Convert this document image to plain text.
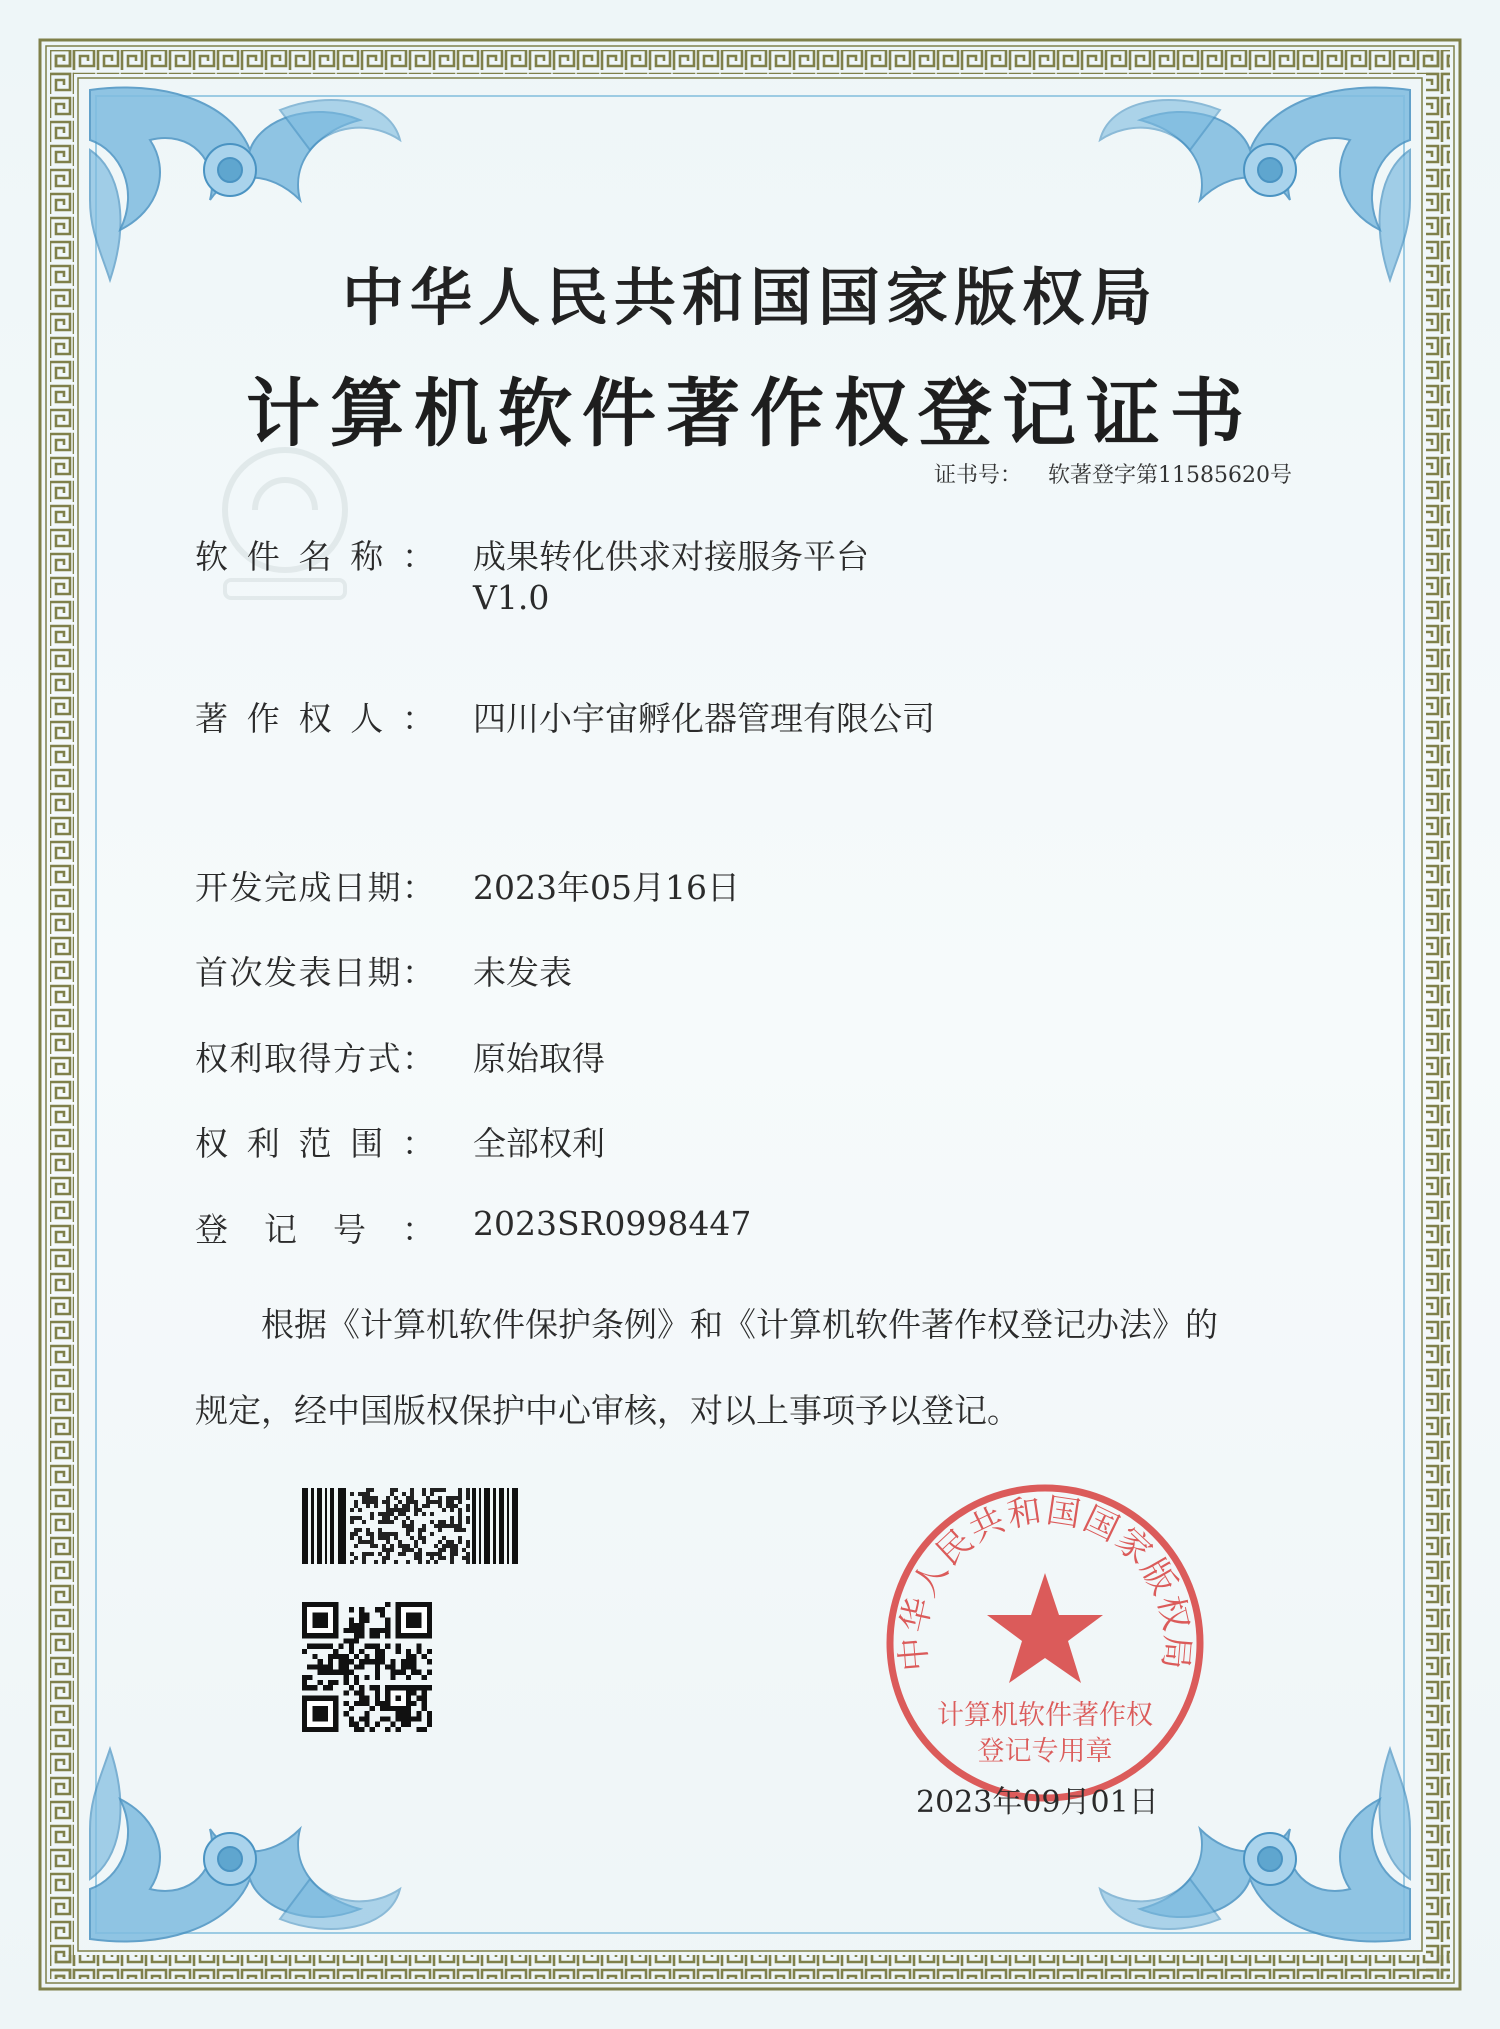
中华人民共和国国家版权局
计算机软件著作权登记证书
证书号： 软著登字第11585620号
软 件 名 称 ： 成果转化供求对接服务平台
V1.0
著 作 权 人 ： 四川小宇宙孵化器管理有限公司
开 发 完 成 日 期 ： 2023年05月16日
首 次 发 表 日 期 ： 未发表
权 利 取 得 方 式 ： 原始取得
权 利 范 围 ： 全部权利
登 记 号 ： 2023SR0998447
根据《计算机软件保护条例》和《计算机软件著作权登记办法》的
规定，经中国版权保护中心审核，对以上事项予以登记。
中华人民共和国国家版权局
计算机软件著作权
登记专用章
2023年09月01日
